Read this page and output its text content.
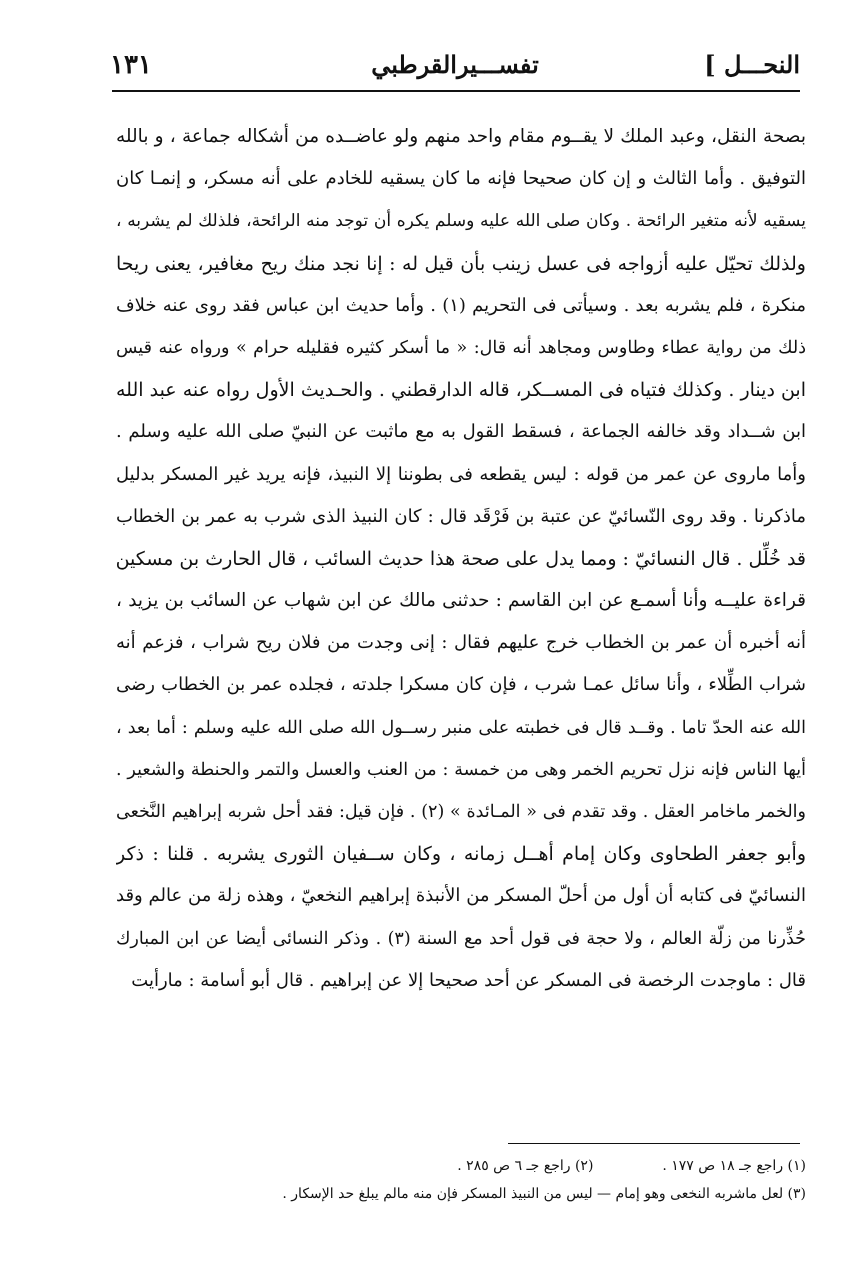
النحـــل ]
تفســـيرالقرطبي
١٣١
بصحة النقل، وعبد الملك لا يقــوم مقام واحد منهم ولو عاضــده من أشكاله جماعة ، و بالله
التوفيق . وأما الثالث و إن كان صحيحا فإنه ما كان يسقيه للخادم على أنه مسكر، و إنمـا كان
يسقيه لأنه متغير الرائحة . وكان صلى الله عليه وسلم يكره أن توجد منه الرائحة، فلذلك لم يشربه ،
ولذلك تحيّل عليه أزواجه فى عسل زينب بأن قيل له : إنا نجد منك ريح مغافير، يعنى ريحا
منكرة ، فلم يشربه بعد . وسيأتى فى التحريم (١) . وأما حديث ابن عباس فقد روى عنه خلاف
ذلك من رواية عطاء وطاوس ومجاهد أنه قال: « ما أسكر كثيره فقليله حرام » ورواه عنه قيس
ابن دينار . وكذلك فتياه فى المســكر، قاله الدارقطني . والحـديث الأول رواه عنه عبد الله
ابن شــداد وقد خالفه الجماعة ، فسقط القول به مع ماثبت عن النبيّ صلى الله عليه وسلم .
وأما ماروى عن عمر من قوله : ليس يقطعه فى بطوننا إلا النبيذ، فإنه يريد غير المسكر بدليل
ماذكرنا . وقد روى النّسائيّ عن عتبة بن فَرْقَد قال : كان النبيذ الذى شرب به عمر بن الخطاب
قد خُلِّل . قال النسائيّ : ومما يدل على صحة هذا حديث السائب ، قال الحارث بن مسكين
قراءة عليــه وأنا أسمـع عن ابن القاسم : حدثنى مالك عن ابن شهاب عن السائب بن يزيد ،
أنه أخبره أن عمر بن الخطاب خرج عليهم فقال : إنى وجدت من فلان ريح شراب ، فزعم أنه
شراب الطِّلاء ، وأنا سائل عمـا شرب ، فإن كان مسكرا جلدته ، فجلده عمر بن الخطاب رضى
الله عنه الحدّ تاما . وقــد قال فى خطبته على منبر رســول الله صلى الله عليه وسلم : أما بعد ،
أيها الناس فإنه نزل تحريم الخمر وهى من خمسة : من العنب والعسل والتمر والحنطة والشعير .
والخمر ماخامر العقل . وقد تقدم فى « المـائدة » (٢) . فإن قيل: فقد أحل شربه إبراهيم النَّخعى
وأبو جعفر الطحاوى وكان إمام أهــل زمانه ، وكان ســفيان الثورى يشربه . قلنا : ذكر
النسائيّ فى كتابه أن أول من أحلّ المسكر من الأنبذة إبراهيم النخعيّ ، وهذه زلة من عالم وقد
حُذِّرنا من زلّة العالم ، ولا حجة فى قول أحد مع السنة (٣) . وذكر النسائى أيضا عن ابن المبارك
قال : ماوجدت الرخصة فى المسكر عن أحد صحيحا إلا عن إبراهيم . قال أبو أسامة : مارأيت
(١) راجع جـ ١٨ ص ١٧٧ .  (٢) راجع جـ ٦ ص ٢٨٥ .
(٣) لعل ماشربه النخعى وهو إمام — ليس من النبيذ المسكر فإن منه مالم يبلغ حد الإسكار .
